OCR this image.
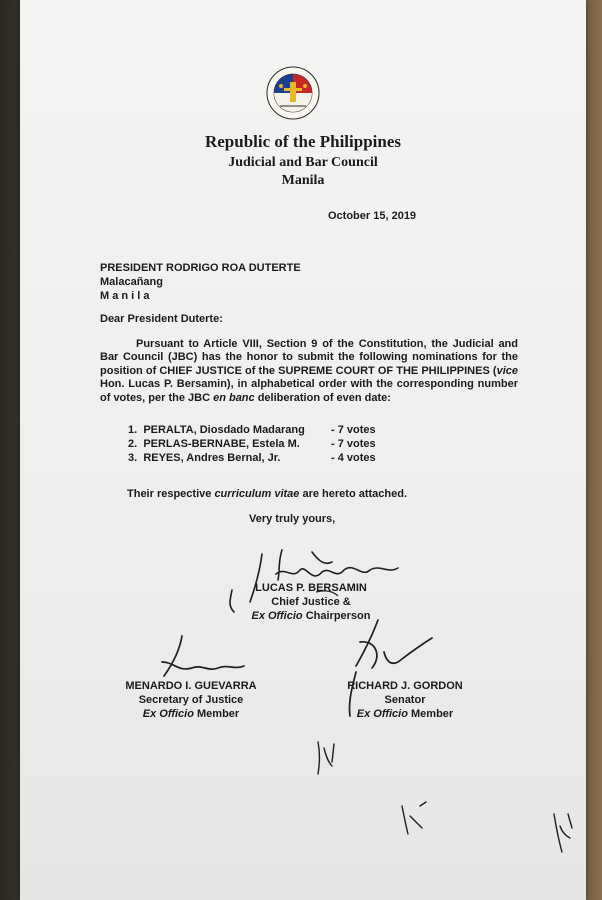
Republic of the Philippines
Judicial and Bar Council
Manila
October 15, 2019
PRESIDENT RODRIGO ROA DUTERTE
Malacañang
M a n i l a
Dear President Duterte:
Pursuant to Article VIII, Section 9 of the Constitution, the Judicial and Bar Council (JBC) has the honor to submit the following nominations for the position of CHIEF JUSTICE of the SUPREME COURT OF THE PHILIPPINES (vice Hon. Lucas P. Bersamin), in alphabetical order with the corresponding number of votes, per the JBC en banc deliberation of even date:
1. PERALTA, Diosdado Madarang - 7 votes
2. PERLAS-BERNABE, Estela M.	- 7 votes
3. REYES, Andres Bernal, Jr.	- 4 votes
Their respective curriculum vitae are hereto attached.
Very truly yours,
LUCAS P. BERSAMIN
Chief Justice &
Ex Officio Chairperson
MENARDO I. GUEVARRA
Secretary of Justice
Ex Officio Member
RICHARD J. GORDON
Senator
Ex Officio Member
